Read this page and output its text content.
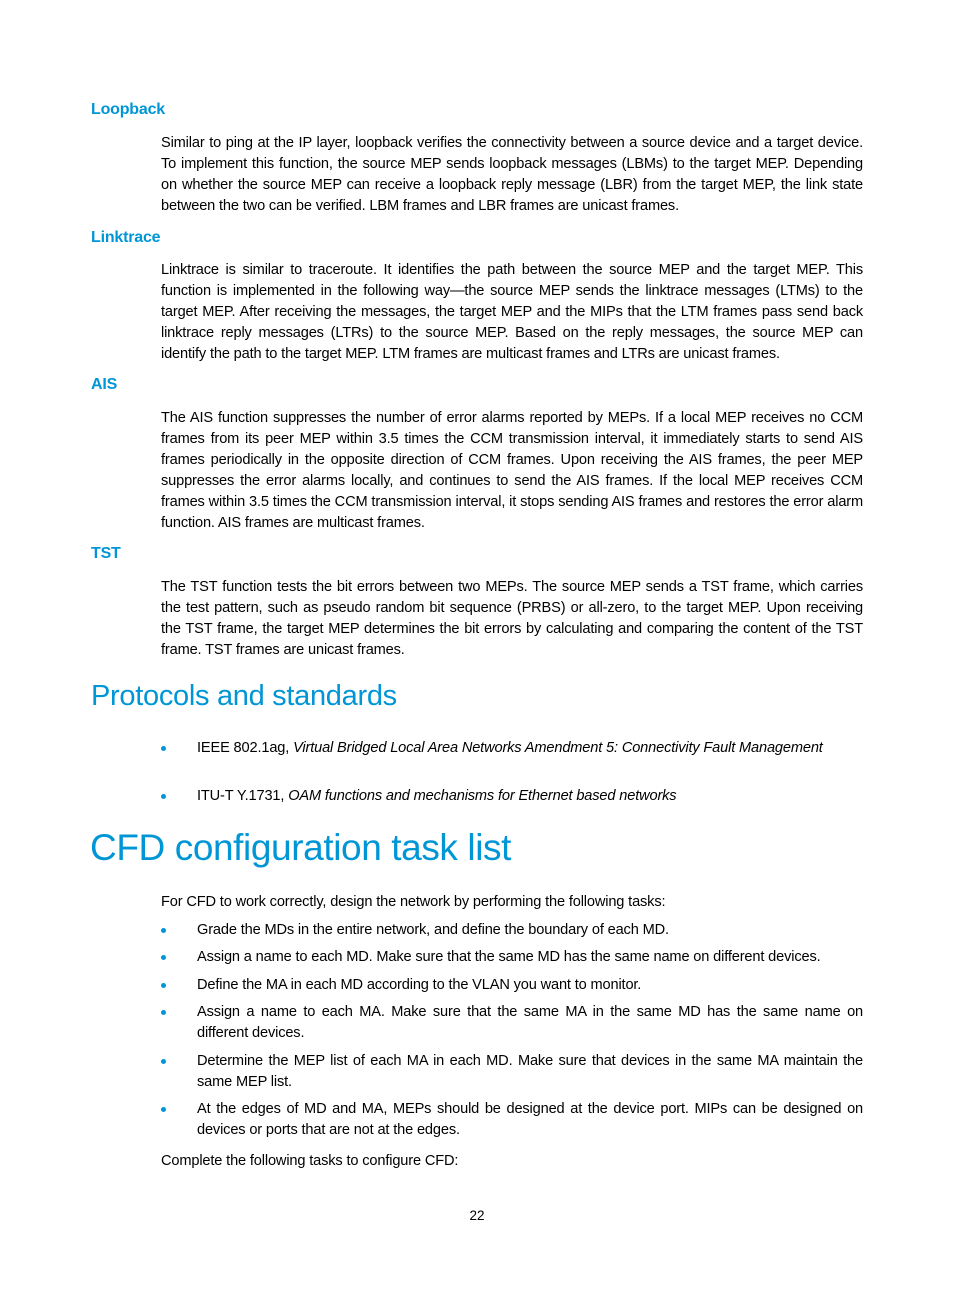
Loopback

Similar to ping at the IP layer, loopback verifies the connectivity between a source device and a target device. To implement this function, the source MEP sends loopback messages (LBMs) to the target MEP. Depending on whether the source MEP can receive a loopback reply message (LBR) from the target MEP, the link state between the two can be verified. LBM frames and LBR frames are unicast frames.

Linktrace

Linktrace is similar to traceroute. It identifies the path between the source MEP and the target MEP. This function is implemented in the following way—the source MEP sends the linktrace messages (LTMs) to the target MEP. After receiving the messages, the target MEP and the MIPs that the LTM frames pass send back linktrace reply messages (LTRs) to the source MEP. Based on the reply messages, the source MEP can identify the path to the target MEP. LTM frames are multicast frames and LTRs are unicast frames.

AIS

The AIS function suppresses the number of error alarms reported by MEPs. If a local MEP receives no CCM frames from its peer MEP within 3.5 times the CCM transmission interval, it immediately starts to send AIS frames periodically in the opposite direction of CCM frames. Upon receiving the AIS frames, the peer MEP suppresses the error alarms locally, and continues to send the AIS frames. If the local MEP receives CCM frames within 3.5 times the CCM transmission interval, it stops sending AIS frames and restores the error alarm function. AIS frames are multicast frames.

TST

The TST function tests the bit errors between two MEPs. The source MEP sends a TST frame, which carries the test pattern, such as pseudo random bit sequence (PRBS) or all-zero, to the target MEP. Upon receiving the TST frame, the target MEP determines the bit errors by calculating and comparing the content of the TST frame. TST frames are unicast frames.

Protocols and standards
IEEE 802.1ag, Virtual Bridged Local Area Networks Amendment 5: Connectivity Fault Management
ITU-T Y.1731, OAM functions and mechanisms for Ethernet based networks
CFD configuration task list

For CFD to work correctly, design the network by performing the following tasks:

Grade the MDs in the entire network, and define the boundary of each MD.
Assign a name to each MD. Make sure that the same MD has the same name on different devices.
Define the MA in each MD according to the VLAN you want to monitor.
Assign a name to each MA. Make sure that the same MA in the same MD has the same name on different devices.
Determine the MEP list of each MA in each MD. Make sure that devices in the same MA maintain the same MEP list.
At the edges of MD and MA, MEPs should be designed at the device port. MIPs can be designed on devices or ports that are not at the edges.

Complete the following tasks to configure CFD:

22
